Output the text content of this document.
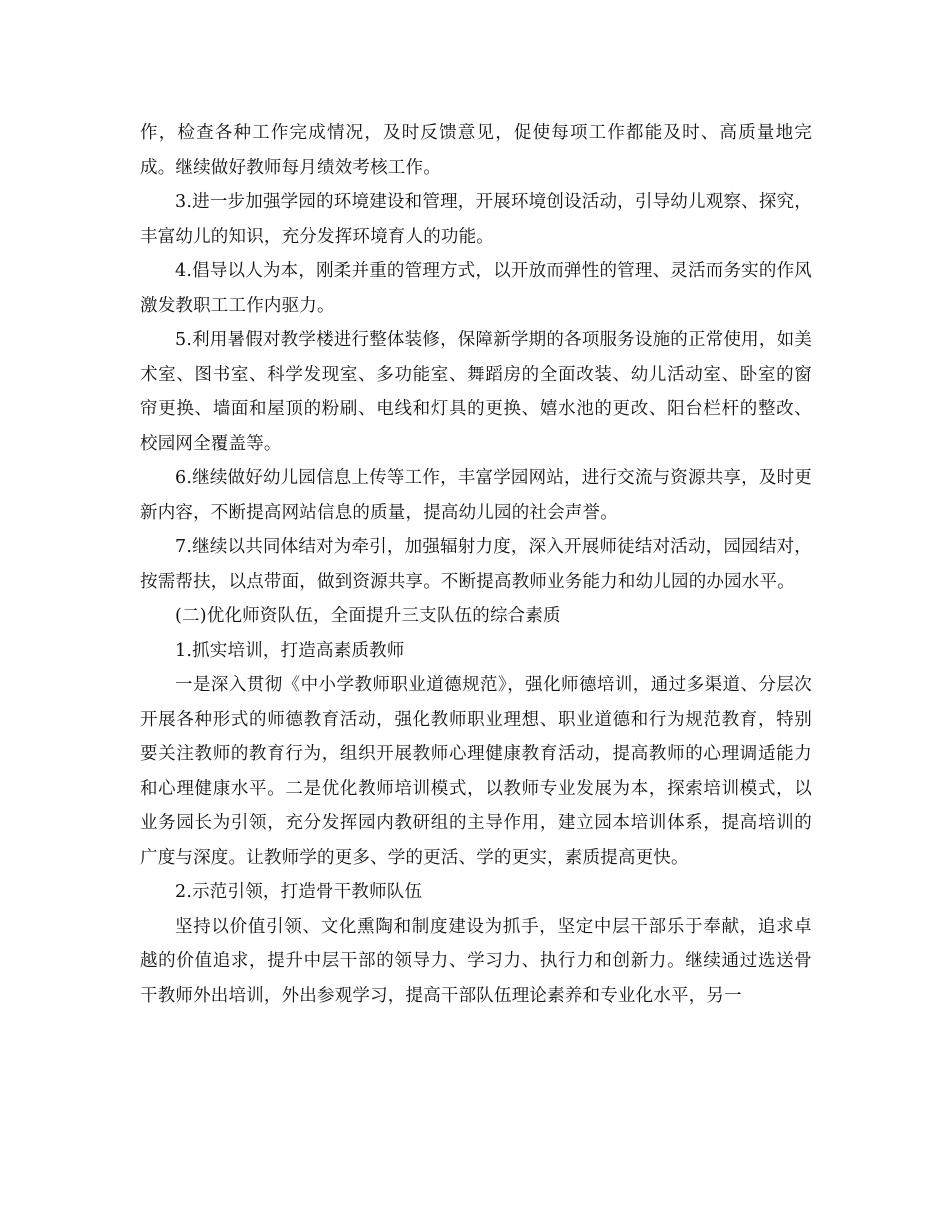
作，检查各种工作完成情况，及时反馈意见，促使每项工作都能及时、高质量地完成。继续做好教师每月绩效考核工作。

3.进一步加强学园的环境建设和管理，开展环境创设活动，引导幼儿观察、探究，丰富幼儿的知识，充分发挥环境育人的功能。

4.倡导以人为本，刚柔并重的管理方式，以开放而弹性的管理、灵活而务实的作风激发教职工工作内驱力。

5.利用暑假对教学楼进行整体装修，保障新学期的各项服务设施的正常使用，如美术室、图书室、科学发现室、多功能室、舞蹈房的全面改装、幼儿活动室、卧室的窗帘更换、墙面和屋顶的粉刷、电线和灯具的更换、嬉水池的更改、阳台栏杆的整改、校园网全覆盖等。

6.继续做好幼儿园信息上传等工作，丰富学园网站，进行交流与资源共享，及时更新内容，不断提高网站信息的质量，提高幼儿园的社会声誉。

7.继续以共同体结对为牵引，加强辐射力度，深入开展师徒结对活动，园园结对，按需帮扶，以点带面，做到资源共享。不断提高教师业务能力和幼儿园的办园水平。

(二)优化师资队伍，全面提升三支队伍的综合素质

1.抓实培训，打造高素质教师

一是深入贯彻《中小学教师职业道德规范》，强化师德培训，通过多渠道、分层次开展各种形式的师德教育活动，强化教师职业理想、职业道德和行为规范教育，特别要关注教师的教育行为，组织开展教师心理健康教育活动，提高教师的心理调适能力和心理健康水平。二是优化教师培训模式，以教师专业发展为本，探索培训模式，以业务园长为引领，充分发挥园内教研组的主导作用，建立园本培训体系，提高培训的广度与深度。让教师学的更多、学的更活、学的更实，素质提高更快。

2.示范引领，打造骨干教师队伍

坚持以价值引领、文化熏陶和制度建设为抓手，坚定中层干部乐于奉献，追求卓越的价值追求，提升中层干部的领导力、学习力、执行力和创新力。继续通过选送骨干教师外出培训，外出参观学习，提高干部队伍理论素养和专业化水平，另一
